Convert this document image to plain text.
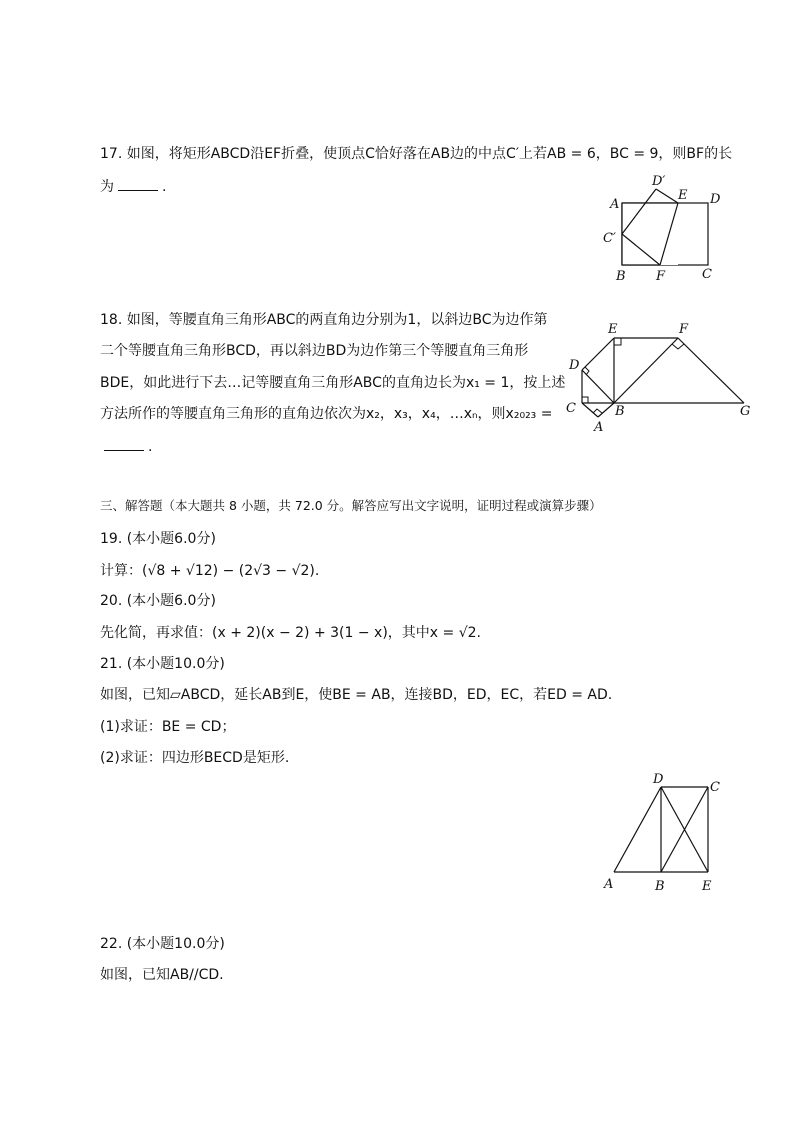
17. 如图，将矩形ABCD沿EF折叠，使顶点C恰好落在AB边的中点C′上若AB = 6，BC = 9，则BF的长
为	.
A
B	C
D
D′
E
F
C′
18. 如图，等腰直角三角形ABC的两直角边分别为1，以斜边BC为边作第
二个等腰直角三角形BCD，再以斜边BD为边作第三个等腰直角三角形
BDE，如此进行下去…记等腰直角三角形ABC的直角边长为x₁ = 1，按上述
方法所作的等腰直角三角形的直角边依次为x₂，x₃，x₄，…xₙ，则x₂₀₂₃ =
.
A
B
C
D
E	F
G
三、解答题（本大题共 8 小题，共 72.0 分。解答应写出文字说明，证明过程或演算步骤）
19. (本小题6.0分)
计算：(√8 + √12) − (2√3 − √2).
20. (本小题6.0分)
先化简，再求值：(x + 2)(x − 2) + 3(1 − x)，其中x = √2.
21. (本小题10.0分)
如图，已知▱ABCD，延长AB到E，使BE = AB，连接BD，ED，EC，若ED = AD.
(1)求证：BE = CD；
(2)求证：四边形BECD是矩形.
A	B
C
D
E
22. (本小题10.0分)
如图，已知AB//CD.
